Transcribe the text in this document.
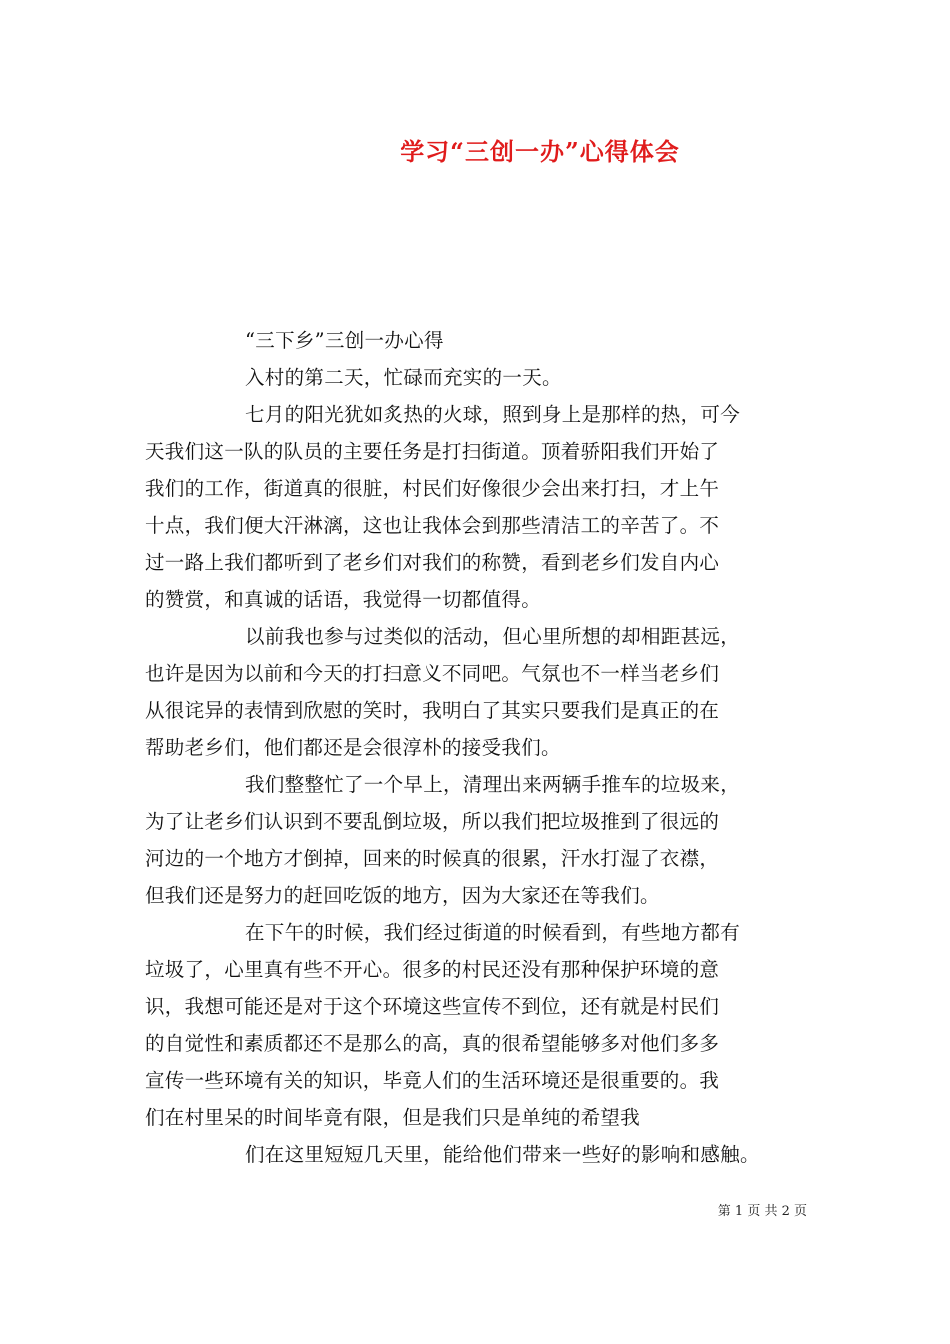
学习“三创一办”心得体会
“三下乡”三创一办心得
入村的第二天，忙碌而充实的一天。
七月的阳光犹如炙热的火球，照到身上是那样的热，可今
天我们这一队的队员的主要任务是打扫街道。顶着骄阳我们开始了
我们的工作，街道真的很脏，村民们好像很少会出来打扫，才上午
十点，我们便大汗淋漓，这也让我体会到那些清洁工的辛苦了。不
过一路上我们都听到了老乡们对我们的称赞，看到老乡们发自内心
的赞赏，和真诚的话语，我觉得一切都值得。
以前我也参与过类似的活动，但心里所想的却相距甚远，
也许是因为以前和今天的打扫意义不同吧。气氛也不一样当老乡们
从很诧异的表情到欣慰的笑时，我明白了其实只要我们是真正的在
帮助老乡们，他们都还是会很淳朴的接受我们。
我们整整忙了一个早上，清理出来两辆手推车的垃圾来，
为了让老乡们认识到不要乱倒垃圾，所以我们把垃圾推到了很远的
河边的一个地方才倒掉，回来的时候真的很累，汗水打湿了衣襟，
但我们还是努力的赶回吃饭的地方，因为大家还在等我们。
在下午的时候，我们经过街道的时候看到，有些地方都有
垃圾了，心里真有些不开心。很多的村民还没有那种保护环境的意
识，我想可能还是对于这个环境这些宣传不到位，还有就是村民们
的自觉性和素质都还不是那么的高，真的很希望能够多对他们多多
宣传一些环境有关的知识，毕竟人们的生活环境还是很重要的。我
们在村里呆的时间毕竟有限，但是我们只是单纯的希望我
们在这里短短几天里，能给他们带来一些好的影响和感触。
第 1 页 共 2 页
